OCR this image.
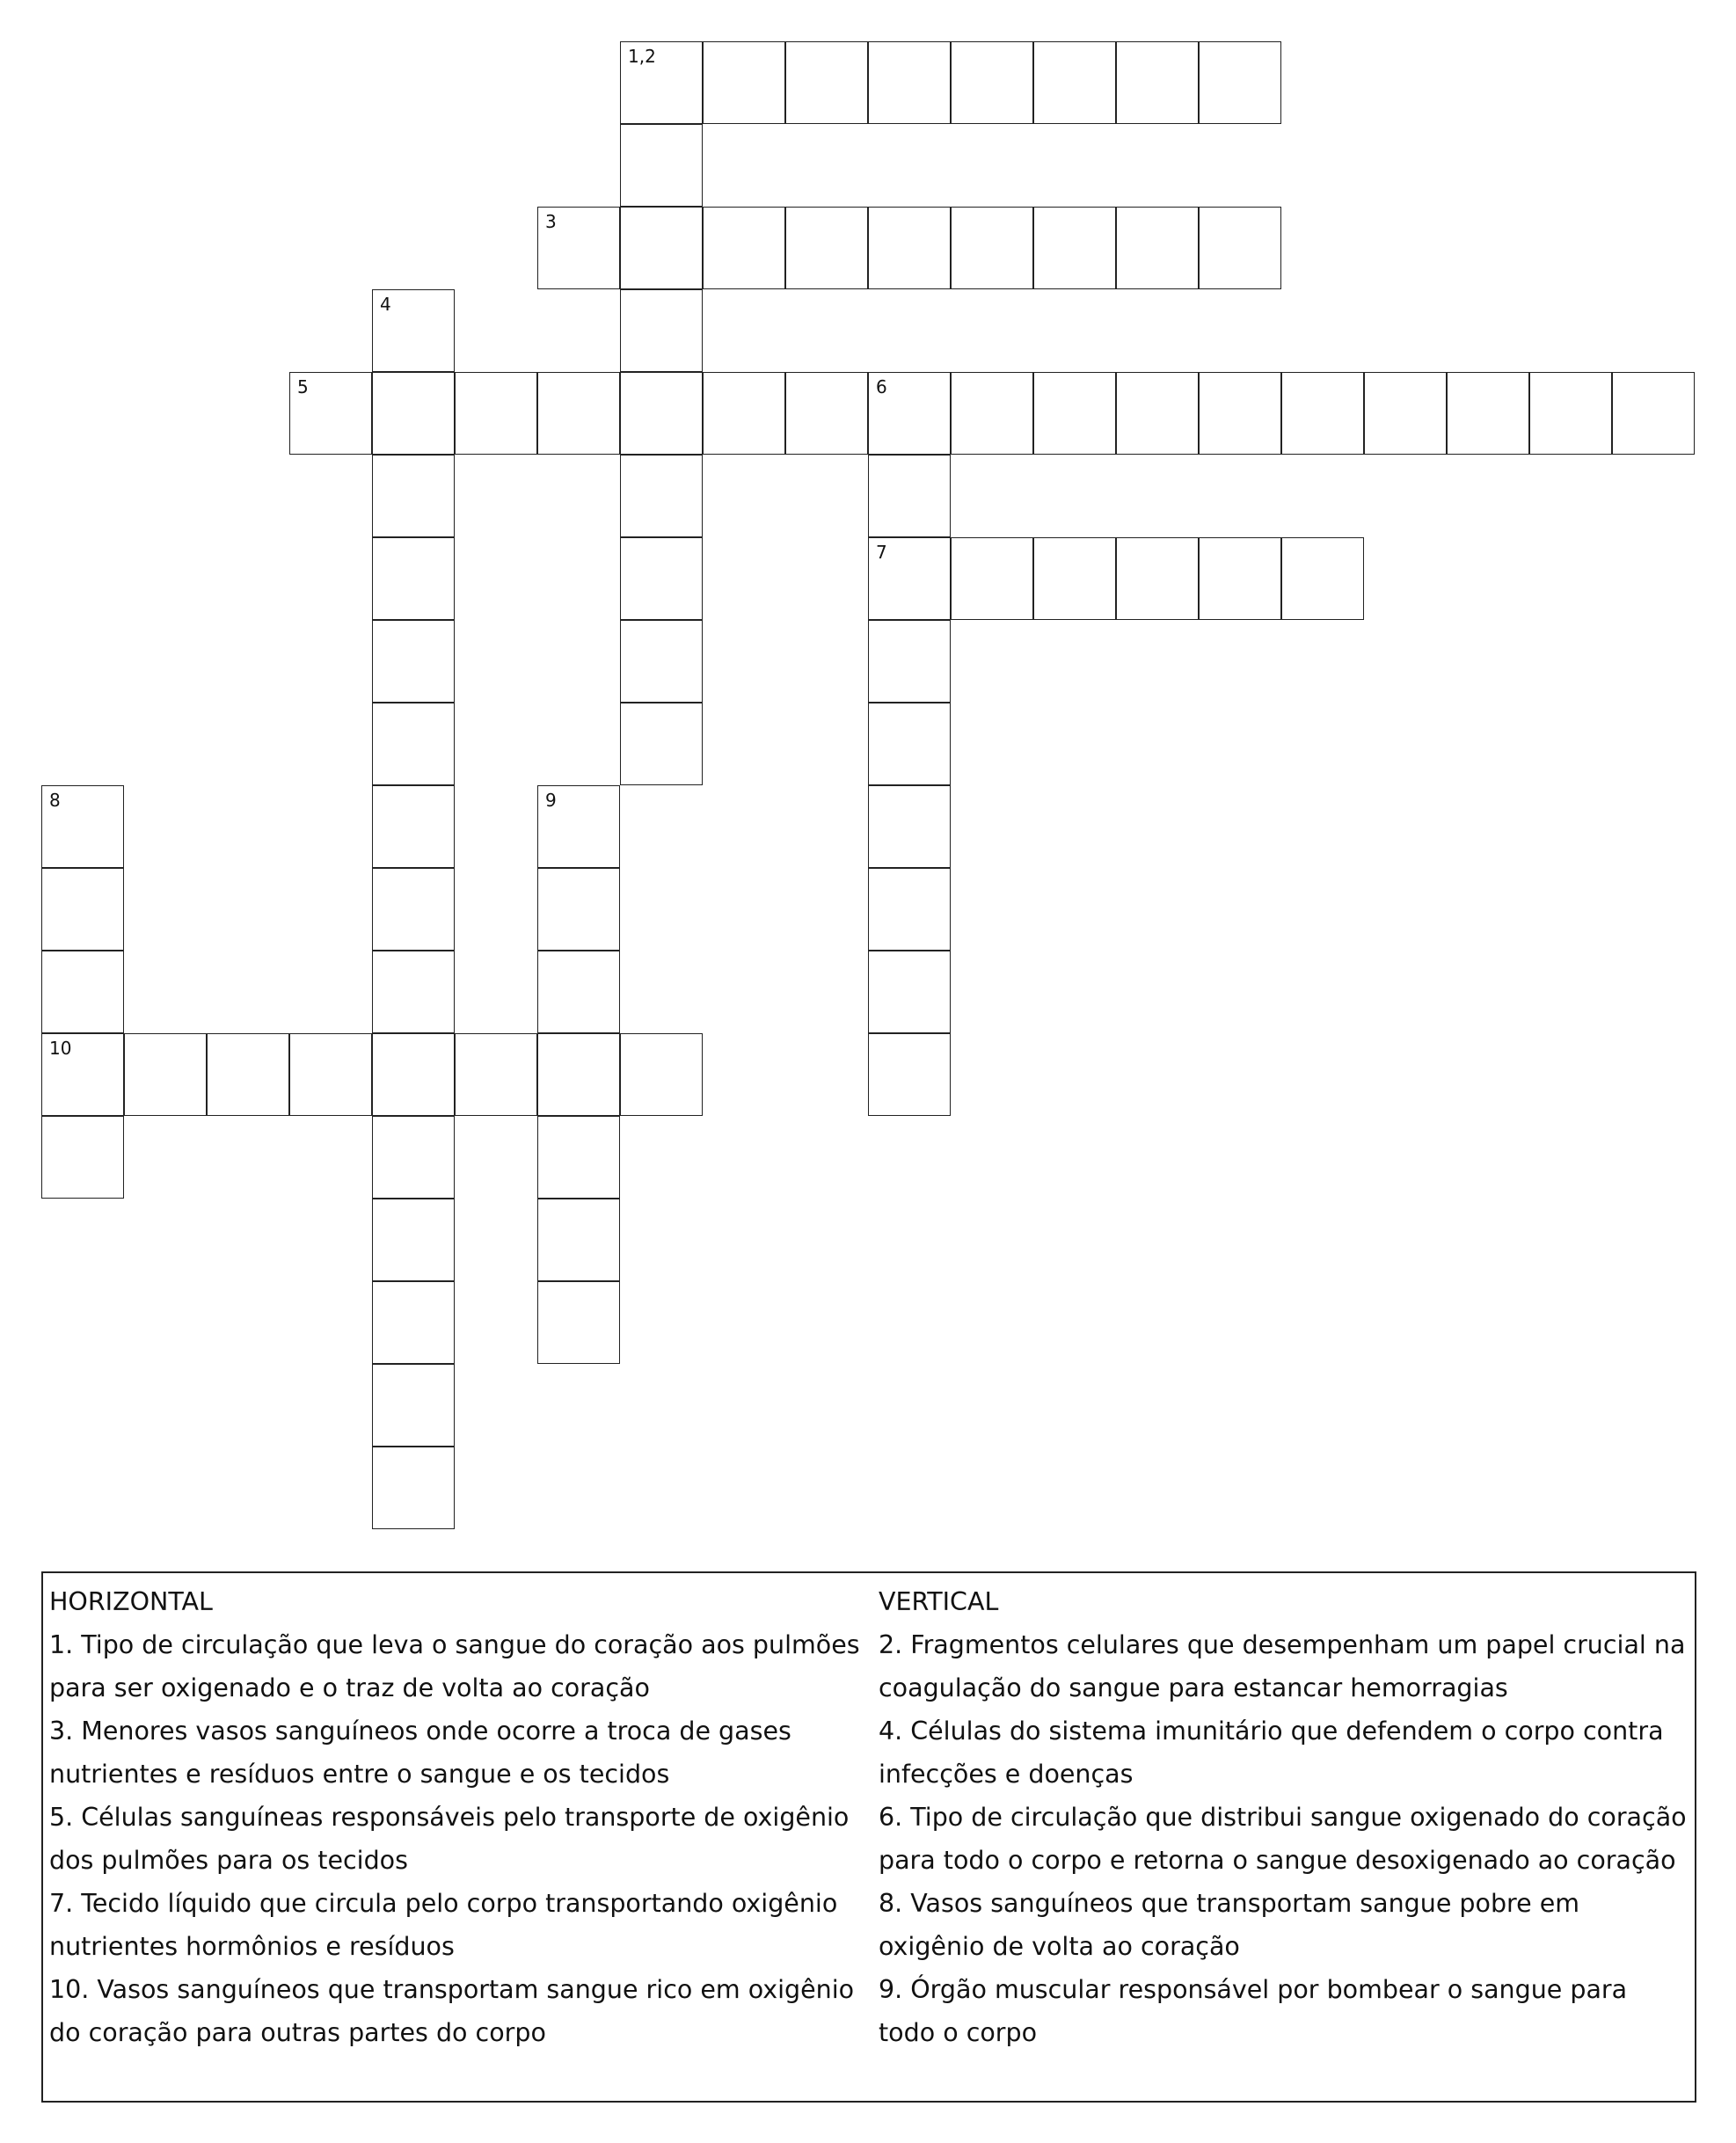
1,2
3
4
5	6
7
8	9
10
HORIZONTAL
1. Tipo de circulação que leva o sangue do coração aos pulmões para ser oxigenado e o traz de volta ao coração
3. Menores vasos sanguíneos onde ocorre a troca de gases nutrientes e resíduos entre o sangue e os tecidos
5. Células sanguíneas responsáveis pelo transporte de oxigênio dos pulmões para os tecidos
7. Tecido líquido que circula pelo corpo transportando oxigênio nutrientes hormônios e resíduos
10. Vasos sanguíneos que transportam sangue rico em oxigênio do coração para outras partes do corpo
VERTICAL
2. Fragmentos celulares que desempenham um papel crucial na coagulação do sangue para estancar hemorragias
4. Células do sistema imunitário que defendem o corpo contra infecções e doenças
6. Tipo de circulação que distribui sangue oxigenado do coração para todo o corpo e retorna o sangue desoxigenado ao coração
8. Vasos sanguíneos que transportam sangue pobre em oxigênio de volta ao coração
9. Órgão muscular responsável por bombear o sangue para todo o corpo
